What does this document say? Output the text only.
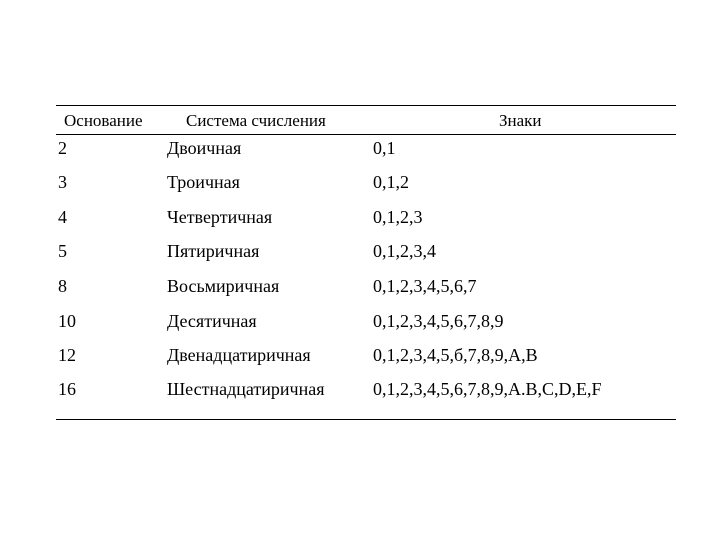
Основание	Система счисления	Знаки
2	Двоичная	0,1
3	Троичная	0,1,2
4	Четвертичная	0,1,2,3
5	Пятиричная	0,1,2,3,4
8	Восьмиричная	0,1,2,3,4,5,6,7
10	Десятичная	0,1,2,3,4,5,6,7,8,9
12	Двенадцатиричная	0,1,2,3,4,5,б,7,8,9,А,В
16	Шестнадцатиричная	0,1,2,3,4,5,6,7,8,9,А.В,С,D,E,F
